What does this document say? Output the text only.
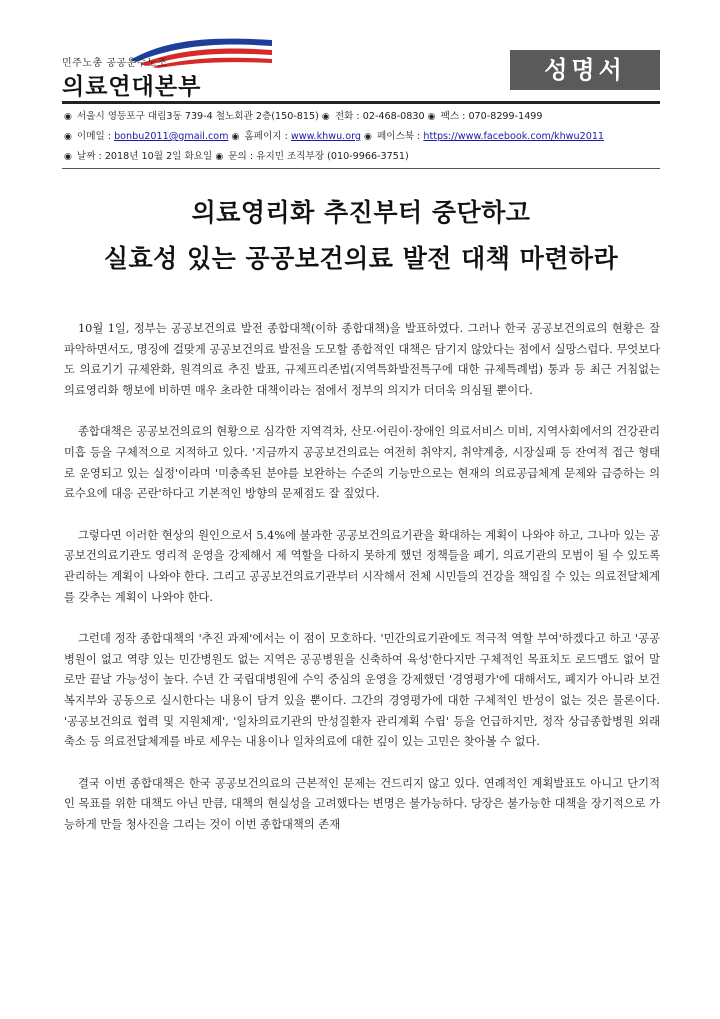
민주노총 공공운수노조
의료연대본부
성명서
◉ 서울시 영등포구 대림3동 739-4 철노회관 2층(150-815) ◉ 전화 : 02-468-0830 ◉ 팩스 : 070-8299-1499
◉ 이메일 : bonbu2011@gmail.com ◉ 홈페이지 : www.khwu.org ◉ 페이스북 : https://www.facebook.com/khwu2011
◉ 날짜 : 2018년 10월 2일 화요일 ◉ 문의 : 유지민 조직부장 (010-9966-3751)
의료영리화 추진부터 중단하고
실효성 있는 공공보건의료 발전 대책 마련하라

10월 1일, 정부는 공공보건의료 발전 종합대책(이하 종합대책)을 발표하였다. 그러나 한국 공공보건의료의 현황은 잘 파악하면서도, 명징에 걸맞게 공공보건의료 발전을 도모할 종합적인 대책은 담기지 않았다는 점에서 실망스럽다. 무엇보다도 의료기기 규제완화, 원격의료 추진 발표, 규제프리존법(지역특화발전특구에 대한 규제특례법) 통과 등 최근 거침없는 의료영리화 행보에 비하면 매우 초라한 대책이라는 점에서 정부의 의지가 더더욱 의심될 뿐이다.

종합대책은 공공보건의료의 현황으로 심각한 지역격차, 산모·어린이·장애인 의료서비스 미비, 지역사회에서의 건강관리 미흡 등을 구체적으로 지적하고 있다. '지금까지 공공보건의료는 여전히 취약지, 취약계층, 시장실패 등 잔여적 접근 형태로 운영되고 있는 실정'이라며 '미충족된 분야를 보완하는 수준의 기능만으로는 현재의 의료공급체계 문제와 급증하는 의료수요에 대응 곤란'하다고 기본적인 방향의 문제점도 잘 짚었다.

그렇다면 이러한 현상의 원인으로서 5.4%에 불과한 공공보건의료기관을 확대하는 계획이 나와야 하고, 그나마 있는 공공보건의료기관도 영리적 운영을 강제해서 제 역할을 다하지 못하게 했던 정책들을 폐기, 의료기관의 모범이 될 수 있도록 관리하는 계획이 나와야 한다. 그리고 공공보건의료기관부터 시작해서 전체 시민들의 건강을 책임질 수 있는 의료전달체계를 갖추는 계획이 나와야 한다.

그런데 정작 종합대책의 '추진 과제'에서는 이 점이 모호하다. '민간의료기관에도 적극적 역할 부여'하겠다고 하고 '공공병원이 없고 역량 있는 민간병원도 없는 지역은 공공병원을 신축하여 육성'한다지만 구체적인 목표치도 로드맵도 없어 말로만 끝날 가능성이 높다. 수년 간 국립대병원에 수익 중심의 운영을 강제했던 '경영평가'에 대해서도, 폐지가 아니라 보건복지부와 공동으로 실시한다는 내용이 담겨 있을 뿐이다. 그간의 경영평가에 대한 구체적인 반성이 없는 것은 물론이다. '공공보건의료 협력 및 지원체계', '일차의료기관의 만성질환자 관리계획 수립' 등을 언급하지만, 정작 상급종합병원 외래축소 등 의료전달체계를 바로 세우는 내용이나 일차의료에 대한 깊이 있는 고민은 찾아볼 수 없다.

결국 이번 종합대책은 한국 공공보건의료의 근본적인 문제는 건드리지 않고 있다. 연례적인 계획발표도 아니고 단기적인 목표를 위한 대책도 아닌 만큼, 대책의 현실성을 고려했다는 변명은 불가능하다. 당장은 불가능한 대책을 장기적으로 가능하게 만들 청사진을 그리는 것이 이번 종합대책의 존재
